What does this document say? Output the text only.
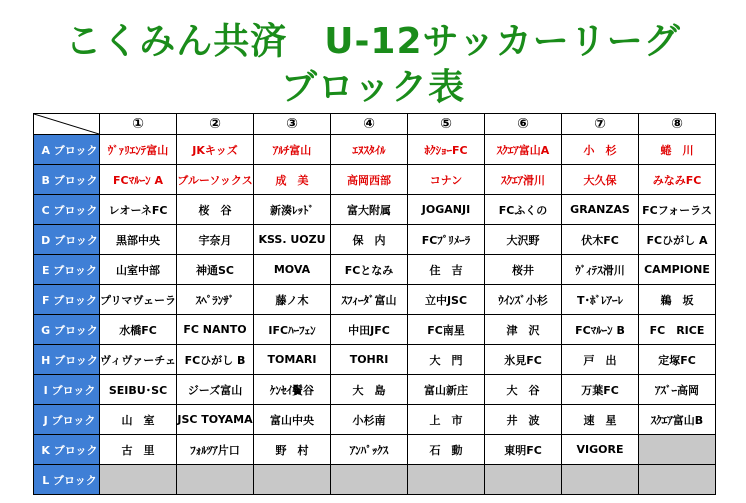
こくみん共済　U-12サッカーリーグ
ブロック表
	①	②	③	④	⑤	⑥	⑦	⑧
A ブロック	ｳﾞｧﾘｴﾝﾃ富山	JKキッズ	ｱﾙﾁ富山	ｴﾇｽﾀｲﾙ	ﾎｸｼｮｰFC	ｽｸｴｱ富山A	小　杉	蜷　川
B ブロック	FCﾏﾙｰﾝ A	ブルーソックス	成　美	高岡西部	コナン	ｽｸｴｱ滑川	大久保	みなみFC
C ブロック	レオーネFC	桜　谷	新湊ﾚｯﾄﾞ	富大附属	JOGANJI	FCふくの	GRANZAS	FCフォーラス
D ブロック	黒部中央	宇奈月	KSS. UOZU	保　内	FCﾌﾟﾘﾒｰﾗ	大沢野	伏木FC	FCひがし A
E ブロック	山室中部	神通SC	MOVA	FCとなみ	住　吉	桜井	ｳﾞｨﾃｽ滑川	CAMPIONE
F ブロック	プリマヴェーラ	ｽﾍﾟﾗﾝｻﾞ	藤ノ木	ｽﾌｨｰﾀﾞ富山	立中JSC	ｳｲﾝｽﾞ小杉	T･ﾎﾞﾚｱｰﾚ	鵜　坂
G ブロック	水橋FC	FC NANTO	IFCﾊｰﾌｪﾝ	中田JFC	FC南星	津　沢	FCﾏﾙｰﾝ B	FC　RICE
H ブロック	ヴィヴァーチェ	FCひがし B	TOMARI	TOHRI	大　門	氷見FC	戸　出	定塚FC
I ブロック	SEIBU･SC	ジーズ富山	ｹﾝｾｲ鬢谷	大　島	富山新庄	大　谷	万葉FC	ｱｽﾞｰ高岡
J ブロック	山　室	JSC TOYAMA	富山中央	小杉南	上　市	井　波	速　星	ｽｸｴｱ富山B
K ブロック	古　里	ﾌｫﾙﾂｱ片口	野　村	ｱﾝﾊﾟｯｸｽ	石　動	東明FC	VIGORE	
L ブロック								
